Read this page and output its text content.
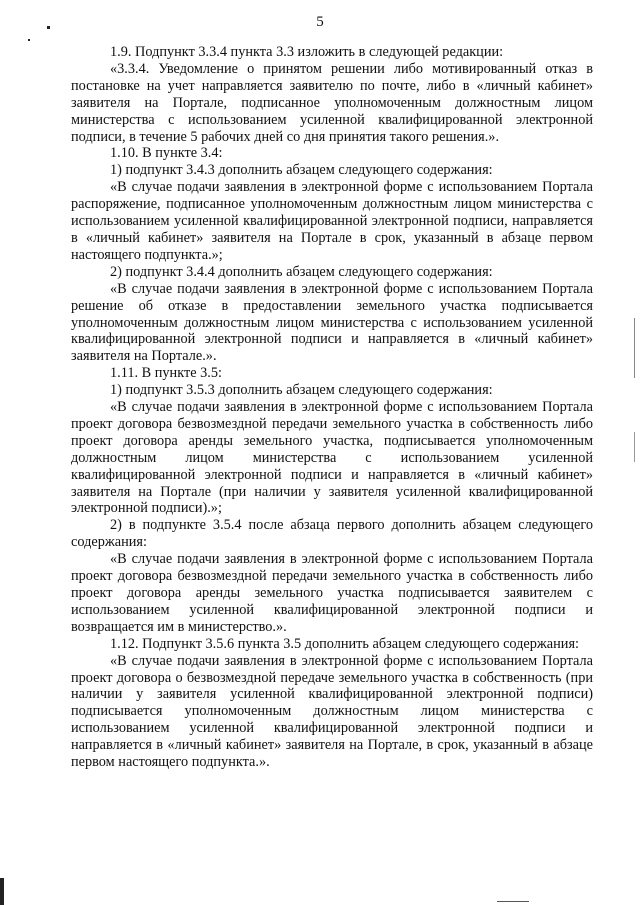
5

1.9. Подпункт 3.3.4 пункта 3.3 изложить в следующей редакции:

«3.3.4. Уведомление о принятом решении либо мотивированный отказ в постановке на учет направляется заявителю по почте, либо в «личный кабинет» заявителя на Портале, подписанное уполномоченным должностным лицом министерства с использованием усиленной квалифицированной электронной подписи, в течение 5 рабочих дней со дня принятия такого решения.».

1.10. В пункте 3.4:

1) подпункт 3.4.3 дополнить абзацем следующего содержания:

«В случае подачи заявления в электронной форме с использованием Портала распоряжение, подписанное уполномоченным должностным лицом министерства с использованием усиленной квалифицированной электронной подписи, направляется в «личный кабинет» заявителя на Портале в срок, указанный в абзаце первом настоящего подпункта.»;

2) подпункт 3.4.4 дополнить абзацем следующего содержания:

«В случае подачи заявления в электронной форме с использованием Портала решение об отказе в предоставлении земельного участка подписывается уполномоченным должностным лицом министерства с использованием усиленной квалифицированной электронной подписи и направляется в «личный кабинет» заявителя на Портале.».

1.11. В пункте 3.5:

1) подпункт 3.5.3 дополнить абзацем следующего содержания:

«В случае подачи заявления в электронной форме с использованием Портала проект договора безвозмездной передачи земельного участка в собственность либо проект договора аренды земельного участка, подписывается уполномоченным должностным лицом министерства с использованием усиленной квалифицированной электронной подписи и направляется в «личный кабинет» заявителя на Портале (при наличии у заявителя усиленной квалифицированной электронной подписи).»;

2) в подпункте 3.5.4 после абзаца первого дополнить абзацем следующего содержания:

«В случае подачи заявления в электронной форме с использованием Портала проект договора безвозмездной передачи земельного участка в собственность либо проект договора аренды земельного участка подписывается заявителем с использованием усиленной квалифицированной электронной подписи и возвращается им в министерство.».

1.12. Подпункт 3.5.6 пункта 3.5 дополнить абзацем следующего содержания:

«В случае подачи заявления в электронной форме с использованием Портала проект договора о безвозмездной передаче земельного участка в собственность (при наличии у заявителя усиленной квалифицированной электронной подписи) подписывается уполномоченным должностным лицом министерства с использованием усиленной квалифицированной электронной подписи и направляется в «личный кабинет» заявителя на Портале, в срок, указанный в абзаце первом настоящего подпункта.».
